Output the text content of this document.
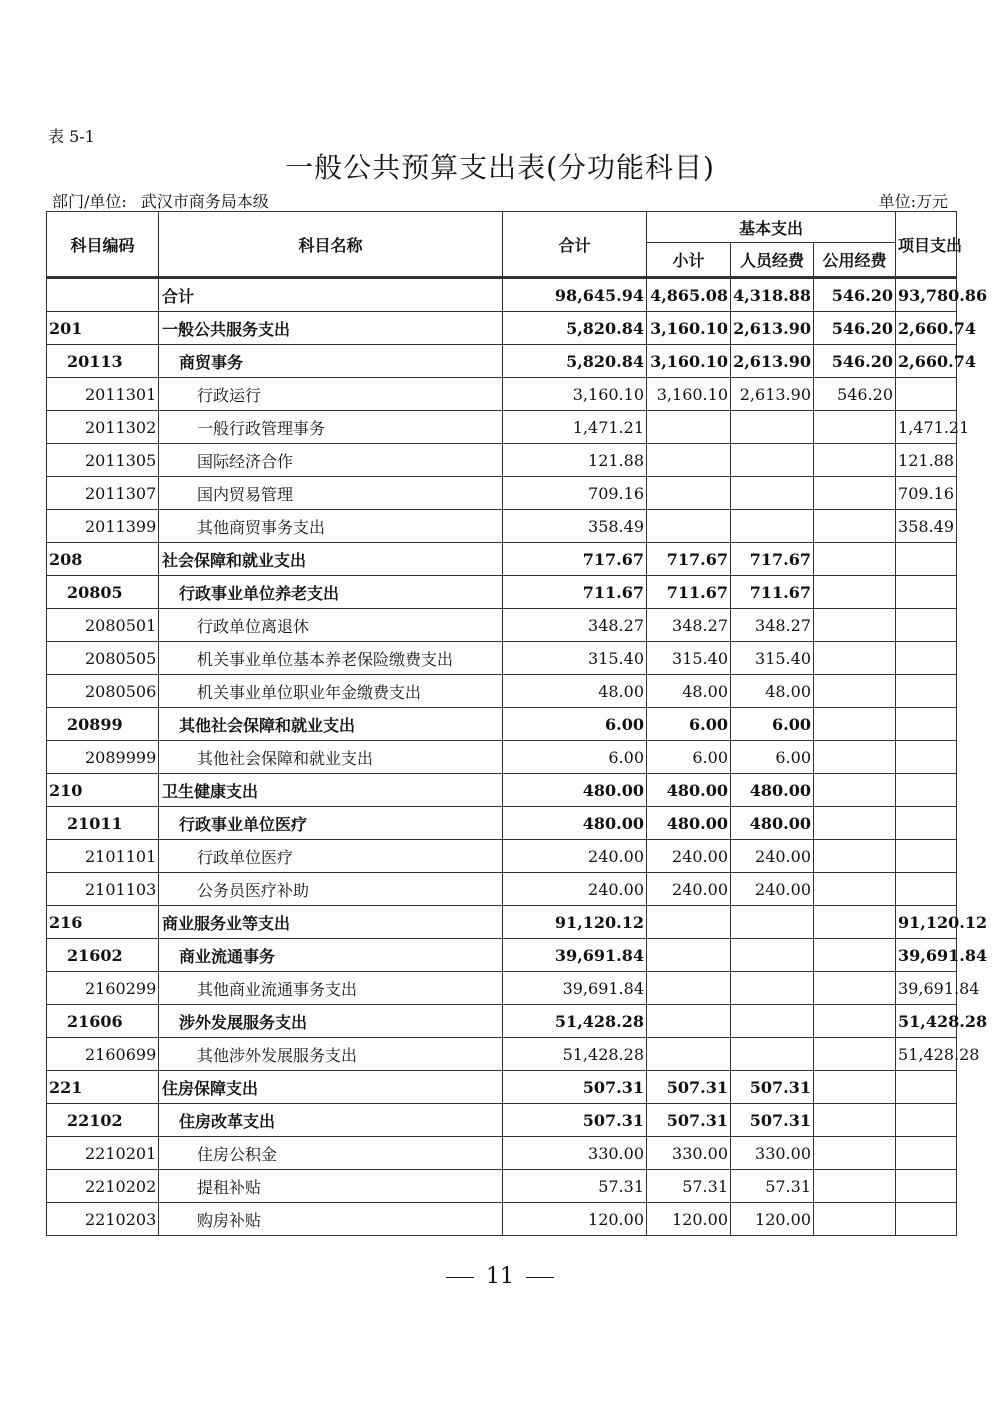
表 5-1
一般公共预算支出表(分功能科目)
部门/单位: 武汉市商务局本级	单位:万元
科目编码	科目名称	合计	基本支出			项目支出
			小计	人员经费	公用经费	

	合计	98,645.94	4,865.08	4,318.88	546.20	93,780.86
201	一般公共服务支出	5,820.84	3,160.10	2,613.90	546.20	2,660.74
20113	商贸事务	5,820.84	3,160.10	2,613.90	546.20	2,660.74
2011301	行政运行	3,160.10	3,160.10	2,613.90	546.20	
2011302	一般行政管理事务	1,471.21				1,471.21
2011305	国际经济合作	121.88				121.88
2011307	国内贸易管理	709.16				709.16
2011399	其他商贸事务支出	358.49				358.49
208	社会保障和就业支出	717.67	717.67	717.67		
20805	行政事业单位养老支出	711.67	711.67	711.67		
2080501	行政单位离退休	348.27	348.27	348.27		
2080505	机关事业单位基本养老保险缴费支出	315.40	315.40	315.40		
2080506	机关事业单位职业年金缴费支出	48.00	48.00	48.00		
20899	其他社会保障和就业支出	6.00	6.00	6.00		
2089999	其他社会保障和就业支出	6.00	6.00	6.00		
210	卫生健康支出	480.00	480.00	480.00		
21011	行政事业单位医疗	480.00	480.00	480.00		
2101101	行政单位医疗	240.00	240.00	240.00		
2101103	公务员医疗补助	240.00	240.00	240.00		
216	商业服务业等支出	91,120.12				91,120.12
21602	商业流通事务	39,691.84				39,691.84
2160299	其他商业流通事务支出	39,691.84				39,691.84
21606	涉外发展服务支出	51,428.28				51,428.28
2160699	其他涉外发展服务支出	51,428.28				51,428.28
221	住房保障支出	507.31	507.31	507.31		
22102	住房改革支出	507.31	507.31	507.31		
2210201	住房公积金	330.00	330.00	330.00		
2210202	提租补贴	57.31	57.31	57.31		
2210203	购房补贴	120.00	120.00	120.00		
11
